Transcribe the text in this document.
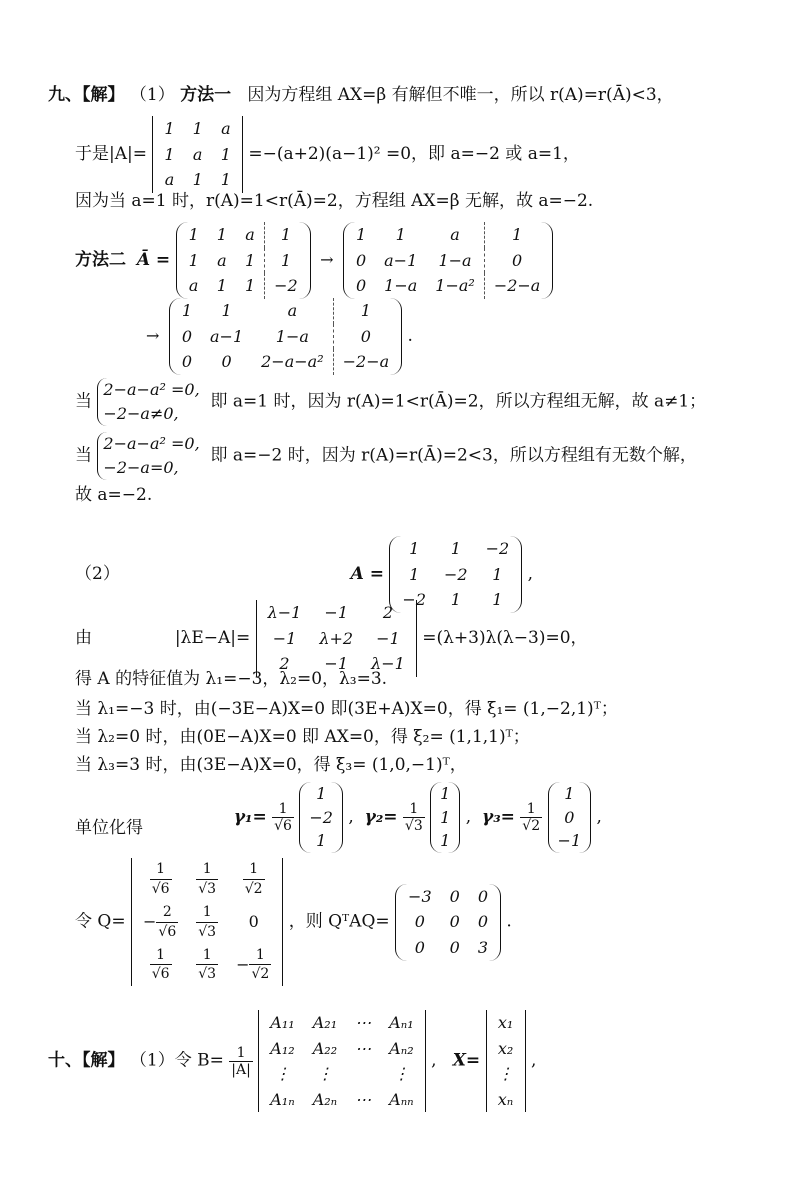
九、【解】 （1） 方法一 因为方程组 AX=β 有解但不唯一，所以 r(A)=r(Ā)<3，
于是|A|=
1	1	a
1	a	1
a	1	1
=−(a+2)(a−1)² =0，即 a=−2 或 a=1，
因为当 a=1 时，r(A)=1<r(Ā)=2，方程组 AX=β 无解，故 a=−2.
方法二 Ā =
1	1	a	1
1	a	1	1
a	1	1	−2
→
1	1	a	1
0	a−1	1−a	0
0	1−a	1−a²	−2−a
→
1	1	a	1
0	a−1	1−a	0
0	0	2−a−a²	−2−a
.
当
2−a−a² =0,
−2−a≠0,
即 a=1 时，因为 r(A)=1<r(Ā)=2，所以方程组无解，故 a≠1；
当
2−a−a² =0,
−2−a=0,
即 a=−2 时，因为 r(A)=r(Ā)=2<3，所以方程组有无数个解，
故 a=−2.
（2）	A =
1	1	−2
1	−2	1
−2	1	1
,
由	|λE−A|=
λ−1	−1	2
−1	λ+2	−1
2	−1	λ−1
=(λ+3)λ(λ−3)=0，
得 A 的特征值为 λ₁=−3，λ₂=0，λ₃=3.
当 λ₁=−3 时，由(−3E−A)X=0 即(3E+A)X=0，得 ξ₁= (1,−2,1)ᵀ；
当 λ₂=0 时，由(0E−A)X=0 即 AX=0，得 ξ₂= (1,1,1)ᵀ；
当 λ₃=3 时，由(3E−A)X=0，得 ξ₃= (1,0,−1)ᵀ，
单位化得  $\gamma_1= \frac{1}{√6}$

1
−2
1
, $\gamma_2= \frac{1}{√3}$

1
1
1
, $\gamma_3= \frac{1}{√2}$

1
0
−1
,
令 Q=
$\frac{1}{√6}$	$\frac{1}{√3}$	$\frac{1}{√2}$

− $\frac{2}{√6}$	$\frac{1}{√3}$	0

$\frac{1}{√6}$	$\frac{1}{√3}$	− $\frac{1}{√2}$
，则 QᵀAQ=
−3	0	0
0	0	0
0	0	3
.
十、【解】 （1）令 $B= \frac{1}{|A|}$

A₁₁	A₂₁	⋯	Aₙ₁
A₁₂	A₂₂	⋯	Aₙ₂
⋮	⋮		⋮
A₁ₙ	A₂ₙ	⋯	Aₙₙ
, X=
x₁
x₂
⋮
xₙ
,
